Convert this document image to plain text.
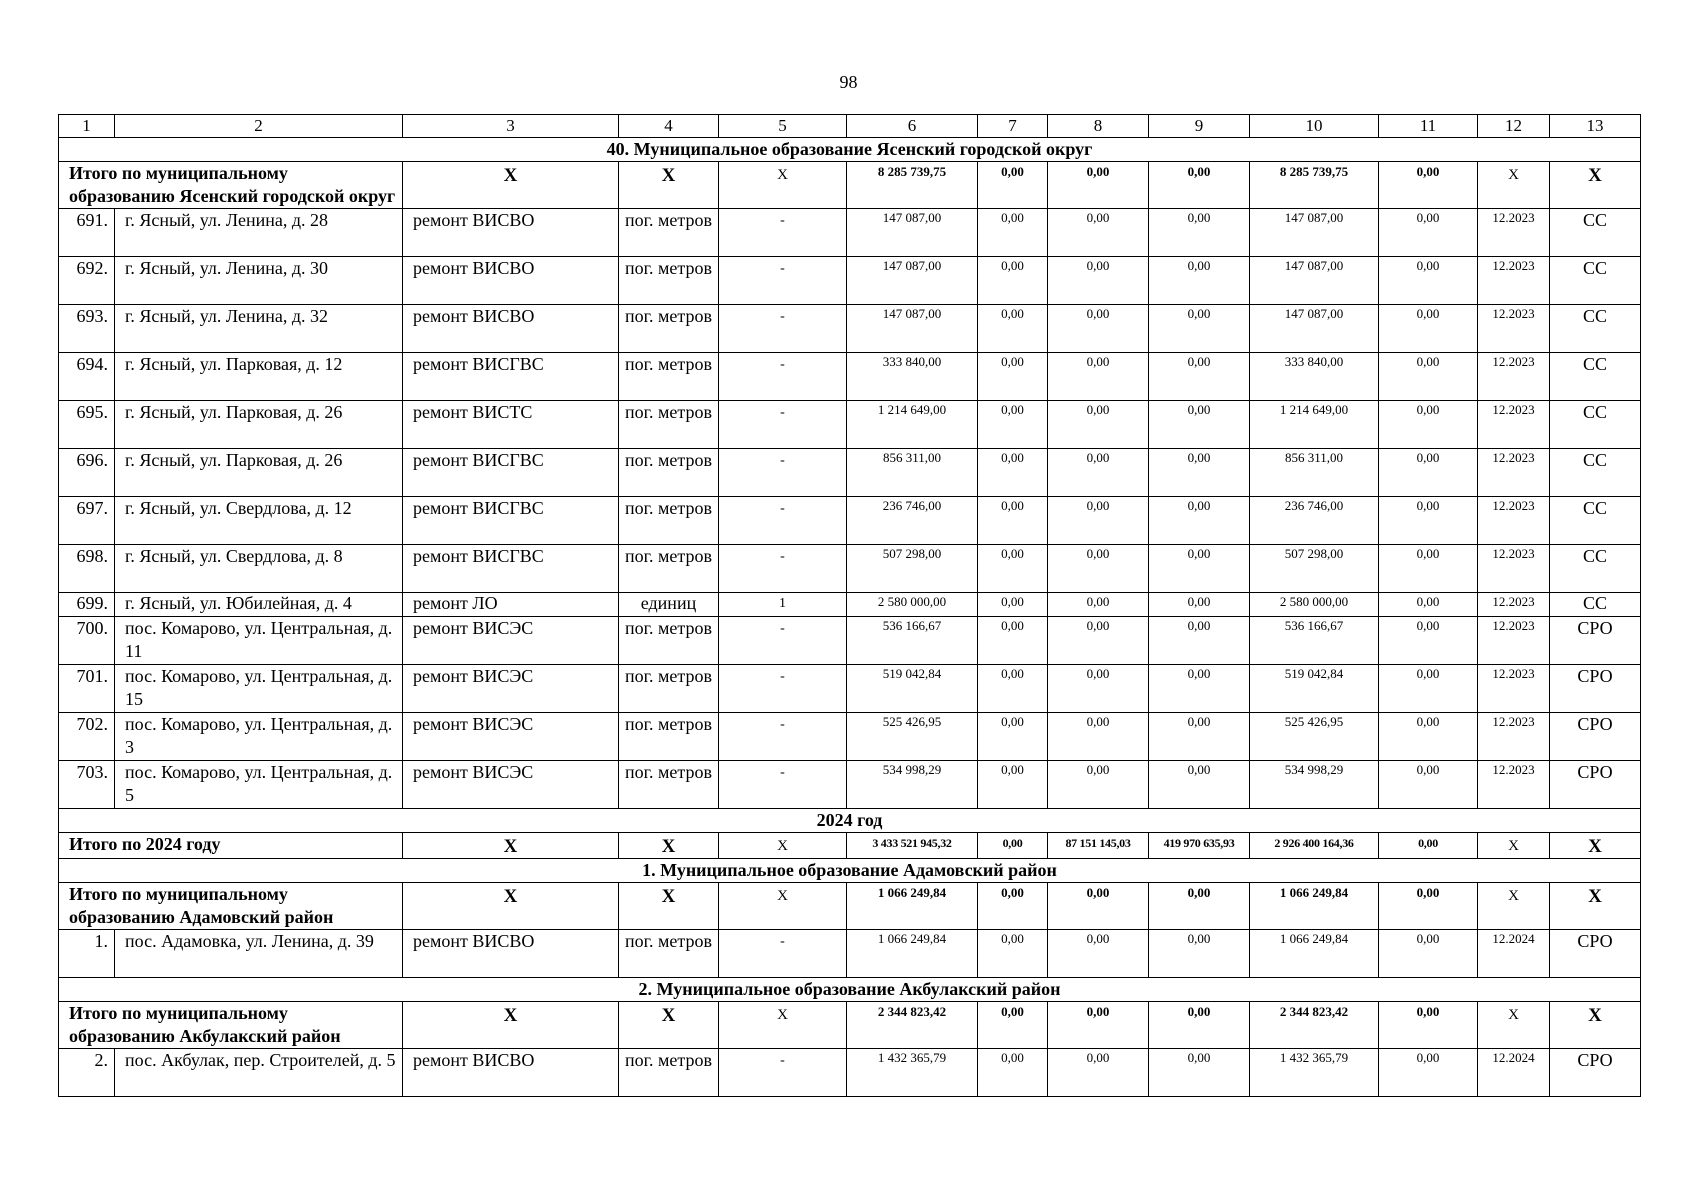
98
1	2	3	4	5	6	7	8	9	10	11	12	13
40. Муниципальное образование Ясенский городской округ												
Итого по муниципальному образованию Ясенский городской округ		Х	Х	Х	8 285 739,75	0,00	0,00	0,00	8 285 739,75	0,00	Х	Х
691.	г. Ясный, ул. Ленина, д. 28	ремонт ВИСВО	пог. метров	-	147 087,00	0,00	0,00	0,00	147 087,00	0,00	12.2023	СС
692.	г. Ясный, ул. Ленина, д. 30	ремонт ВИСВО	пог. метров	-	147 087,00	0,00	0,00	0,00	147 087,00	0,00	12.2023	СС
693.	г. Ясный, ул. Ленина, д. 32	ремонт ВИСВО	пог. метров	-	147 087,00	0,00	0,00	0,00	147 087,00	0,00	12.2023	СС
694.	г. Ясный, ул. Парковая, д. 12	ремонт ВИСГВС	пог. метров	-	333 840,00	0,00	0,00	0,00	333 840,00	0,00	12.2023	СС
695.	г. Ясный, ул. Парковая, д. 26	ремонт ВИСТС	пог. метров	-	1 214 649,00	0,00	0,00	0,00	1 214 649,00	0,00	12.2023	СС
696.	г. Ясный, ул. Парковая, д. 26	ремонт ВИСГВС	пог. метров	-	856 311,00	0,00	0,00	0,00	856 311,00	0,00	12.2023	СС
697.	г. Ясный, ул. Свердлова, д. 12	ремонт ВИСГВС	пог. метров	-	236 746,00	0,00	0,00	0,00	236 746,00	0,00	12.2023	СС
698.	г. Ясный, ул. Свердлова, д. 8	ремонт ВИСГВС	пог. метров	-	507 298,00	0,00	0,00	0,00	507 298,00	0,00	12.2023	СС
699.	г. Ясный, ул. Юбилейная, д. 4	ремонт ЛО	единиц	1	2 580 000,00	0,00	0,00	0,00	2 580 000,00	0,00	12.2023	СС
700.	пос. Комарово, ул. Центральная, д. 11	ремонт ВИСЭС	пог. метров	-	536 166,67	0,00	0,00	0,00	536 166,67	0,00	12.2023	СРО
701.	пос. Комарово, ул. Центральная, д. 15	ремонт ВИСЭС	пог. метров	-	519 042,84	0,00	0,00	0,00	519 042,84	0,00	12.2023	СРО
702.	пос. Комарово, ул. Центральная, д. 3	ремонт ВИСЭС	пог. метров	-	525 426,95	0,00	0,00	0,00	525 426,95	0,00	12.2023	СРО
703.	пос. Комарово, ул. Центральная, д. 5	ремонт ВИСЭС	пог. метров	-	534 998,29	0,00	0,00	0,00	534 998,29	0,00	12.2023	СРО
2024 год												
Итого по 2024 году		Х	Х	Х	3 433 521 945,32	0,00	87 151 145,03	419 970 635,93	2 926 400 164,36	0,00	Х	Х
1. Муниципальное образование Адамовский район												
Итого по муниципальному образованию Адамовский район		Х	Х	Х	1 066 249,84	0,00	0,00	0,00	1 066 249,84	0,00	Х	Х
1.	пос. Адамовка, ул. Ленина, д. 39	ремонт ВИСВО	пог. метров	-	1 066 249,84	0,00	0,00	0,00	1 066 249,84	0,00	12.2024	СРО
2. Муниципальное образование Акбулакский район												
Итого по муниципальному образованию Акбулакский район		Х	Х	Х	2 344 823,42	0,00	0,00	0,00	2 344 823,42	0,00	Х	Х
2.	пос. Акбулак, пер. Строителей, д. 5	ремонт ВИСВО	пог. метров	-	1 432 365,79	0,00	0,00	0,00	1 432 365,79	0,00	12.2024	СРО
